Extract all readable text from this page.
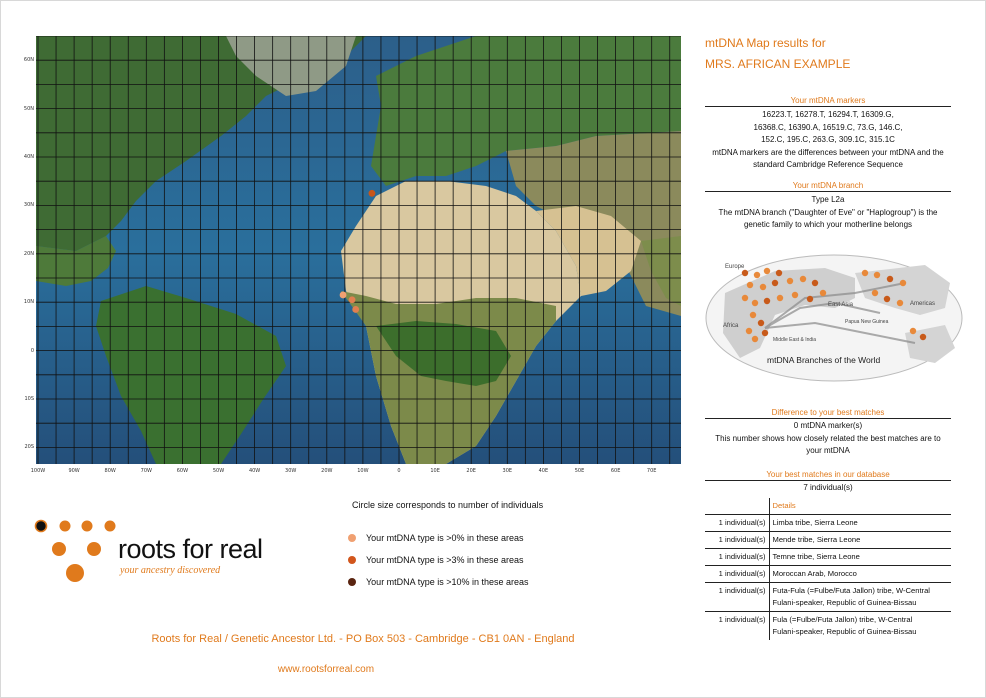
60N
50N
40N
30N
20N
10N
0
10S
20S
100W	90W	80W	70W	60W	50W	40W	30W	20W	10W	0	10E	20E	30E	40E	50E	60E	70E
mtDNA Map results for
MRS. AFRICAN EXAMPLE
Your mtDNA markers
16223.T, 16278.T, 16294.T, 16309.G,
16368.C, 16390.A, 16519.C, 73.G, 146.C,
152.C, 195.C, 263.G, 309.1C, 315.1C
mtDNA markers are the differences between your mtDNA and the
standard Cambridge Reference Sequence
Your mtDNA branch
Type L2a
The mtDNA branch ("Daughter of Eve" or "Haplogroup") is the
genetic family to which your motherline belongs
Europe
East Asia
Middle East & India
Africa
Papua New Guinea
Americas
mtDNA Branches of the World
Difference to your best matches
0 mtDNA marker(s)
This number shows how closely related the best matches are to
your mtDNA
Your best matches in our database
7 individual(s)
	Details
1 individual(s)	Limba tribe, Sierra Leone

1 individual(s)	Mende tribe, Sierra Leone

1 individual(s)	Temne tribe, Sierra Leone

1 individual(s)	Moroccan Arab, Morocco

1 individual(s)	Futa-Fula (=Fulbe/Futa Jallon) tribe, W-Central
Fulani-speaker, Republic of Guinea-Bissau

1 individual(s)	Fula (=Fulbe/Futa Jallon) tribe, W-Central
Fulani-speaker, Republic of Guinea-Bissau
Circle size corresponds to number of individuals
Your mtDNA type is >0% in these areas
Your mtDNA type is >3% in these areas
Your mtDNA type is >10% in these areas
roots for real
your ancestry discovered
Roots for Real / Genetic Ancestor Ltd. - PO Box 503 - Cambridge - CB1 0AN - England
www.rootsforreal.com
